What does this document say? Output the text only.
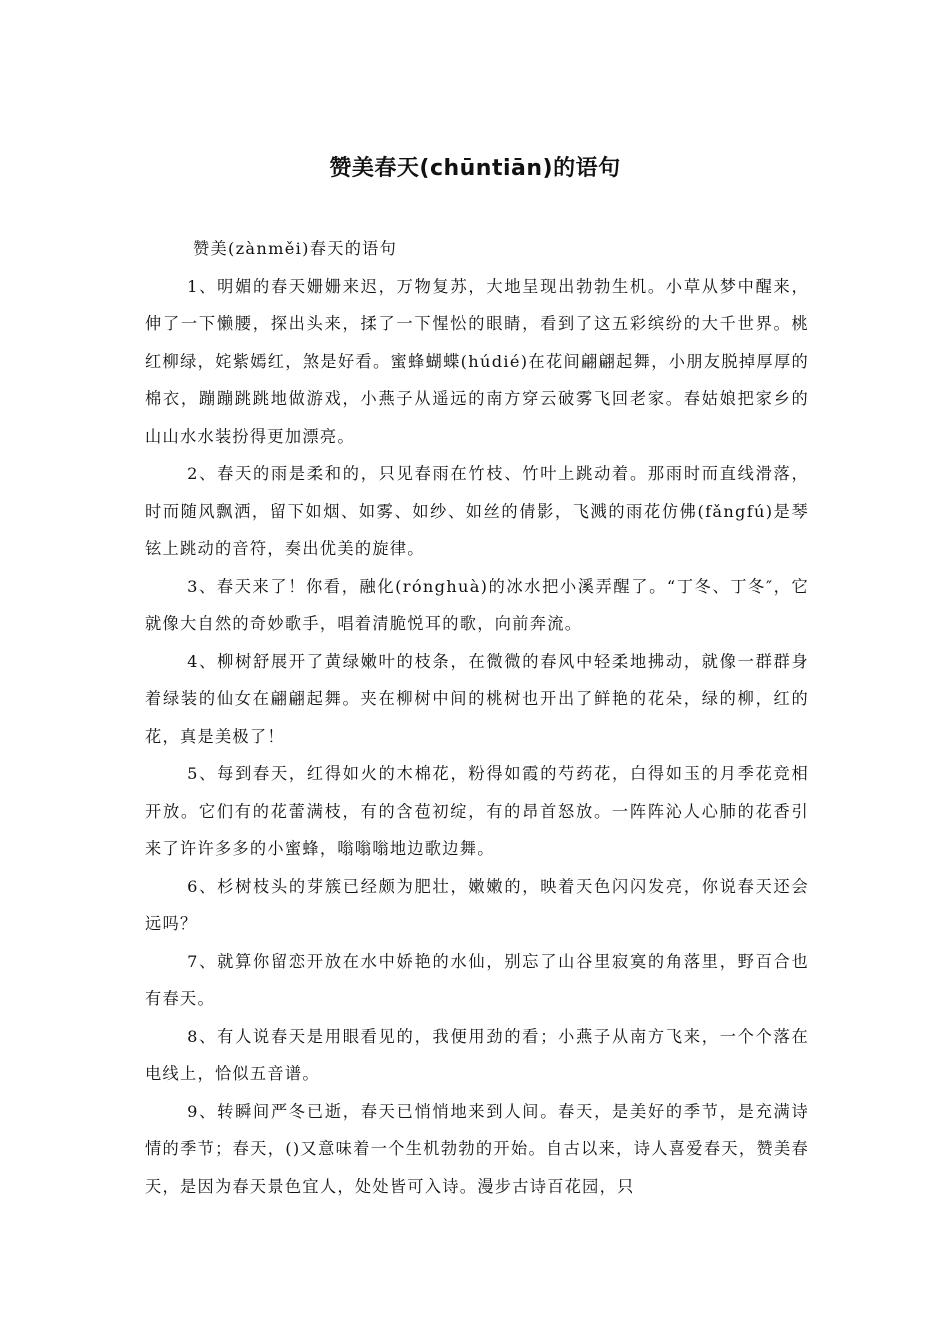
赞美春天(chūntiān)的语句

赞美(zànměi)春天的语句

1、明媚的春天姗姗来迟，万物复苏，大地呈现出勃勃生机。小草从梦中醒来，伸了一下懒腰，探出头来，揉了一下惺忪的眼睛，看到了这五彩缤纷的大千世界。桃红柳绿，姹紫嫣红，煞是好看。蜜蜂蝴蝶(húdié)在花间翩翩起舞，小朋友脱掉厚厚的棉衣，蹦蹦跳跳地做游戏，小燕子从遥远的南方穿云破雾飞回老家。春姑娘把家乡的山山水水装扮得更加漂亮。

2、春天的雨是柔和的，只见春雨在竹枝、竹叶上跳动着。那雨时而直线滑落，时而随风飘洒，留下如烟、如雾、如纱、如丝的倩影，飞溅的雨花仿佛(fǎngfú)是琴铉上跳动的音符，奏出优美的旋律。

3、春天来了！你看，融化(rónghuà)的冰水把小溪弄醒了。“丁冬、丁冬″，它就像大自然的奇妙歌手，唱着清脆悦耳的歌，向前奔流。

4、柳树舒展开了黄绿嫩叶的枝条，在微微的春风中轻柔地拂动，就像一群群身着绿装的仙女在翩翩起舞。夹在柳树中间的桃树也开出了鲜艳的花朵，绿的柳，红的花，真是美极了！

5、每到春天，红得如火的木棉花，粉得如霞的芍药花，白得如玉的月季花竞相开放。它们有的花蕾满枝，有的含苞初绽，有的昂首怒放。一阵阵沁人心肺的花香引来了许许多多的小蜜蜂，嗡嗡嗡地边歌边舞。

6、杉树枝头的芽簇已经颇为肥壮，嫩嫩的，映着天色闪闪发亮，你说春天还会远吗？

7、就算你留恋开放在水中娇艳的水仙，别忘了山谷里寂寞的角落里，野百合也有春天。

8、有人说春天是用眼看见的，我便用劲的看；小燕子从南方飞来，一个个落在电线上，恰似五音谱。

9、转瞬间严冬已逝，春天已悄悄地来到人间。春天，是美好的季节，是充满诗情的季节；春天，()又意味着一个生机勃勃的开始。自古以来，诗人喜爱春天，赞美春天，是因为春天景色宜人，处处皆可入诗。漫步古诗百花园，只
